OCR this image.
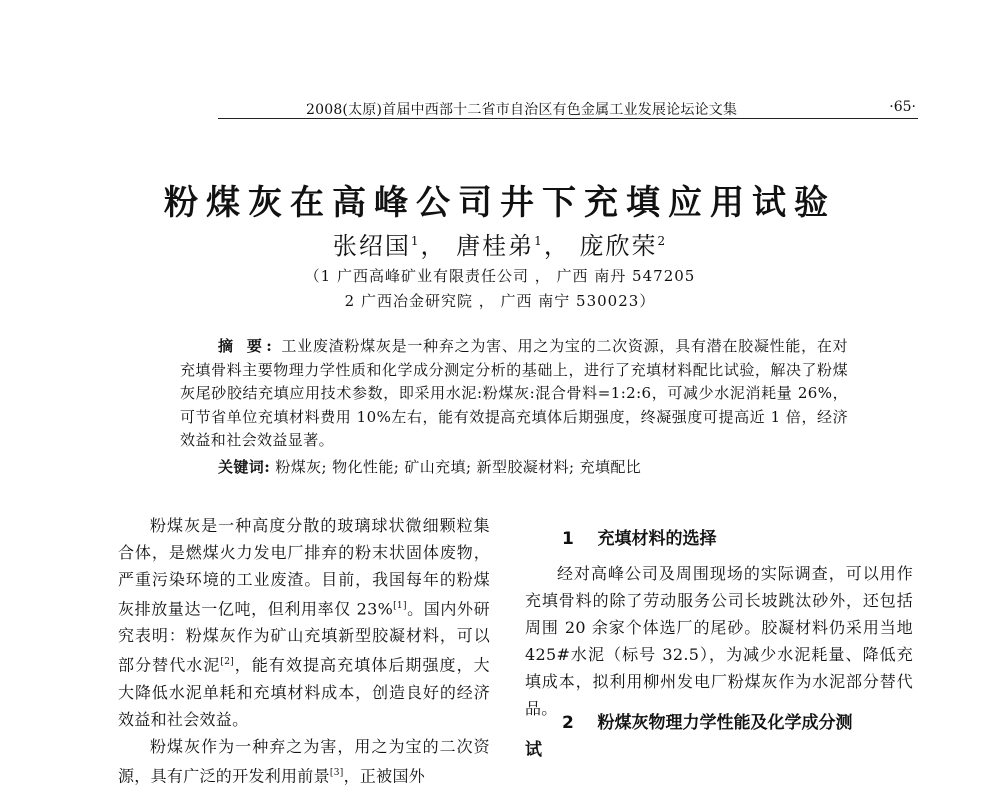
2008(太原)首届中西部十二省市自治区有色金属工业发展论坛论文集	·65·
粉煤灰在高峰公司井下充填应用试验
张绍国$^1$， 唐桂弟$^1$， 庞欣荣$^2$
（1 广西高峰矿业有限责任公司 ， 广西 南丹 547205
2 广西冶金研究院 ， 广西 南宁 530023）
摘 要: 工业废渣粉煤灰是一种弃之为害、用之为宝的二次资源，具有潜在胶凝性能，在对充填骨料主要物理力学性质和化学成分测定分析的基础上，进行了充填材料配比试验，解决了粉煤灰尾砂胶结充填应用技术参数，即采用水泥:粉煤灰:混合骨料=1:2:6，可减少水泥消耗量 26%，可节省单位充填材料费用 10%左右，能有效提高充填体后期强度，终凝强度可提高近 1 倍，经济效益和社会效益显著。
关键词: 粉煤灰; 物化性能; 矿山充填; 新型胶凝材料; 充填配比

粉煤灰是一种高度分散的玻璃球状微细颗粒集合体，是燃煤火力发电厂排弃的粉末状固体废物，严重污染环境的工业废渣。目前，我国每年的粉煤灰排放量达一亿吨，但利用率仅 23%[1]。国内外研究表明：粉煤灰作为矿山充填新型胶凝材料，可以部分替代水泥[2]，能有效提高充填体后期强度，大大降低水泥单耗和充填材料成本，创造良好的经济效益和社会效益。

粉煤灰作为一种弃之为害，用之为宝的二次资源，具有广泛的开发利用前景[3]，正被国外

1 充填材料的选择

经对高峰公司及周围现场的实际调查，可以用作充填骨料的除了劳动服务公司长坡跳汰砂外，还包括周围 20 余家个体选厂的尾砂。胶凝材料仍采用当地 425#水泥（标号 32.5），为减少水泥耗量、降低充填成本，拟利用柳州发电厂粉煤灰作为水泥部分替代品。

2 粉煤灰物理力学性能及化学成分测
试
